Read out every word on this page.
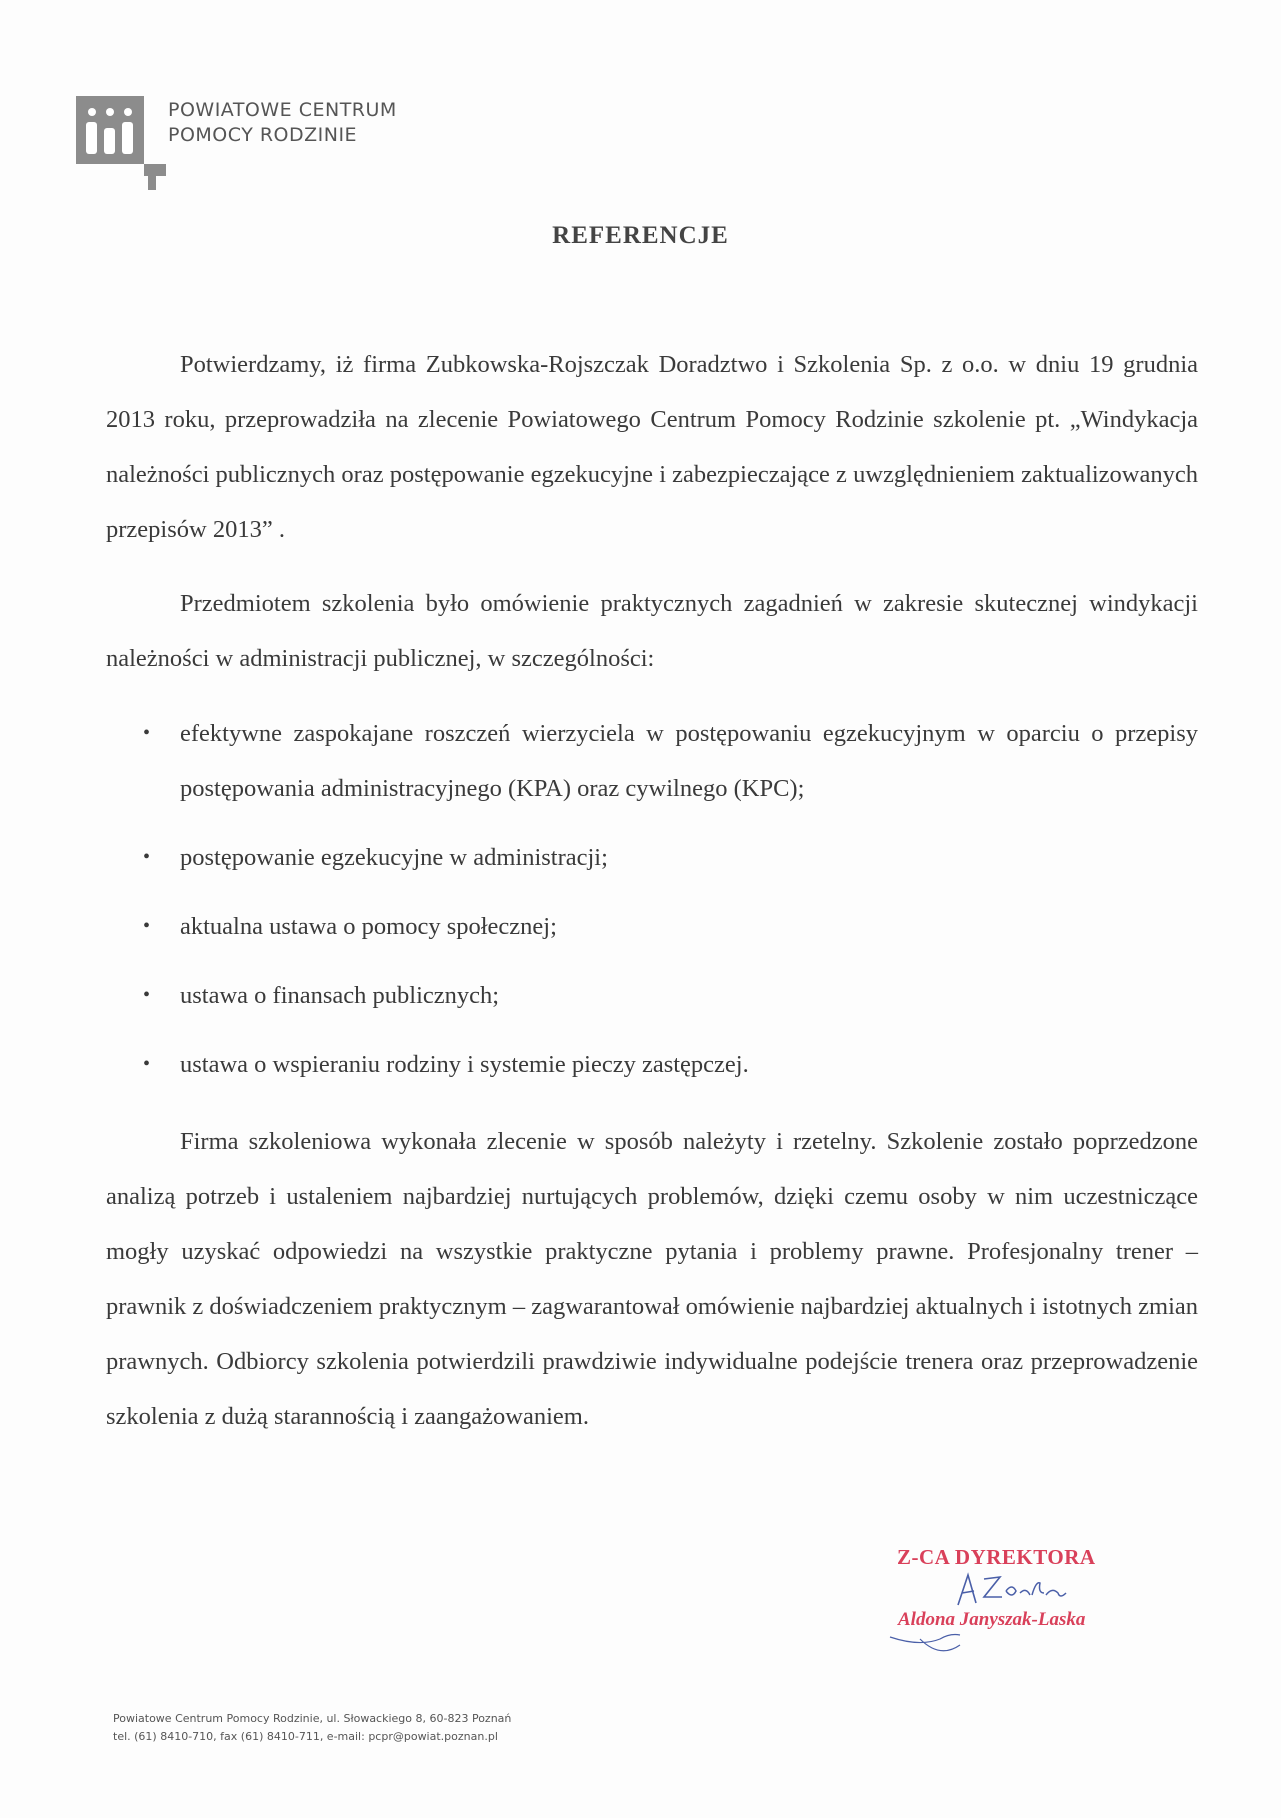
POWIATOWE CENTRUM
POMOCY RODZINIE
REFERENCJE

Potwierdzamy, iż firma Zubkowska-Rojszczak Doradztwo i Szkolenia Sp. z o.o. w dniu 19 grudnia 2013 roku, przeprowadziła na zlecenie Powiatowego Centrum Pomocy Rodzinie szkolenie pt. „Windykacja należności publicznych oraz postępowanie egzekucyjne i zabezpieczające z uwzględnieniem zaktualizowanych przepisów 2013” .

Przedmiotem szkolenia było omówienie praktycznych zagadnień w zakresie skutecznej windykacji należności w administracji publicznej, w szczególności:

• efektywne zaspokajane roszczeń wierzyciela w postępowaniu egzekucyjnym w oparciu o przepisy postępowania administracyjnego (KPA) oraz cywilnego (KPC);
• postępowanie egzekucyjne w administracji;
• aktualna ustawa o pomocy społecznej;
• ustawa o finansach publicznych;
• ustawa o wspieraniu rodziny i systemie pieczy zastępczej.

Firma szkoleniowa wykonała zlecenie w sposób należyty i rzetelny. Szkolenie zostało poprzedzone analizą potrzeb i ustaleniem najbardziej nurtujących problemów, dzięki czemu osoby w nim uczestniczące mogły uzyskać odpowiedzi na wszystkie praktyczne pytania i problemy prawne. Profesjonalny trener – prawnik z doświadczeniem praktycznym – zagwarantował omówienie najbardziej aktualnych i istotnych zmian prawnych. Odbiorcy szkolenia potwierdzili prawdziwie indywidualne podejście trenera oraz przeprowadzenie szkolenia z dużą starannością i zaangażowaniem.

Z-CA DYREKTORA
Aldona Janyszak-Laska
Powiatowe Centrum Pomocy Rodzinie, ul. Słowackiego 8, 60-823 Poznań
tel. (61) 8410-710, fax (61) 8410-711, e-mail: pcpr@powiat.poznan.pl
